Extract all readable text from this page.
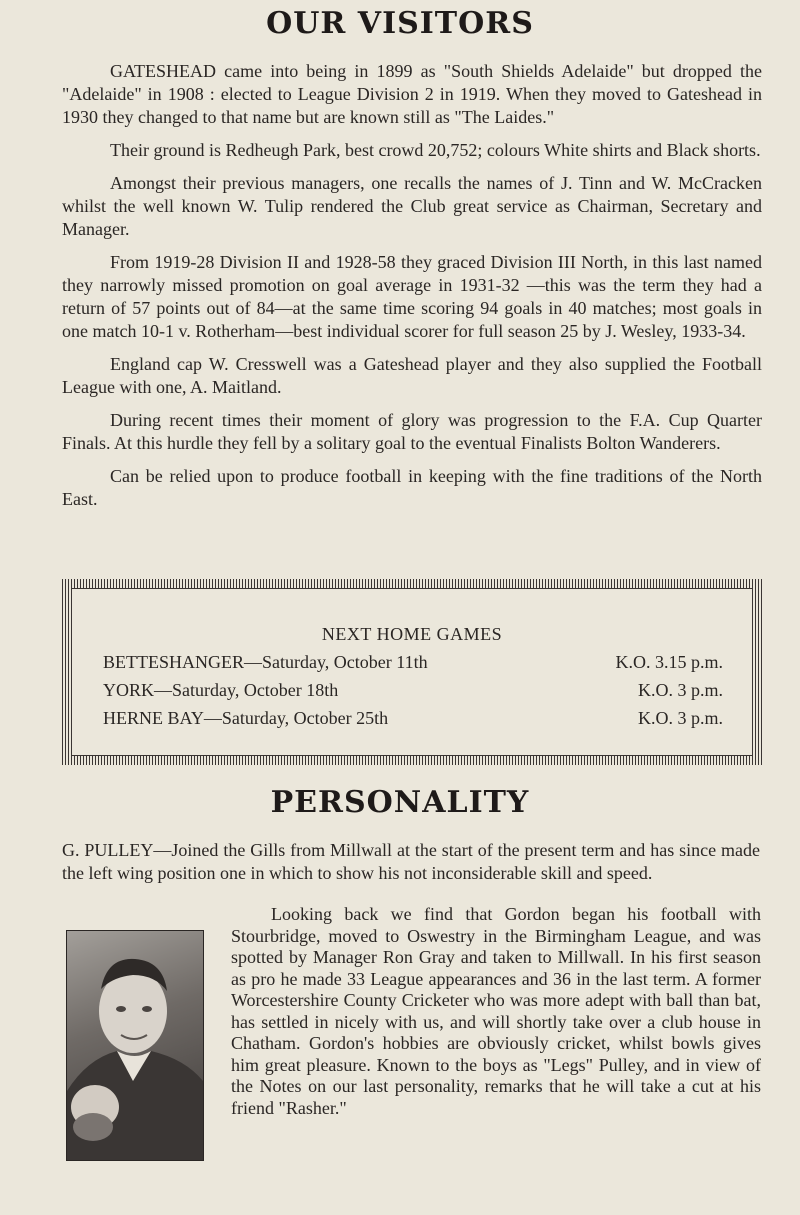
OUR VISITORS

GATESHEAD came into being in 1899 as "South Shields Adelaide" but dropped the "Adelaide" in 1908 : elected to League Division 2 in 1919. When they moved to Gateshead in 1930 they changed to that name but are known still as "The Laides."

Their ground is Redheugh Park, best crowd 20,752; colours White shirts and Black shorts.

Amongst their previous managers, one recalls the names of J. Tinn and W. McCracken whilst the well known W. Tulip rendered the Club great service as Chairman, Secretary and Manager.

From 1919-28 Division II and 1928-58 they graced Division III North, in this last named they narrowly missed promotion on goal average in 1931-32 —this was the term they had a return of 57 points out of 84—at the same time scoring 94 goals in 40 matches; most goals in one match 10-1 v. Rotherham—best individual scorer for full season 25 by J. Wesley, 1933-34.

England cap W. Cresswell was a Gateshead player and they also supplied the Football League with one, A. Maitland.

During recent times their moment of glory was progression to the F.A. Cup Quarter Finals. At this hurdle they fell by a solitary goal to the eventual Finalists Bolton Wanderers.

Can be relied upon to produce football in keeping with the fine traditions of the North East.

NEXT HOME GAMES
BETTESHANGER—Saturday, October 11th	K.O. 3.15 p.m.
YORK—Saturday, October 18th	K.O. 3 p.m.
HERNE BAY—Saturday, October 25th	K.O. 3 p.m.
PERSONALITY

G. PULLEY—Joined the Gills from Millwall at the start of the present term and has since made the left wing position one in which to show his not inconsiderable skill and speed.

Looking back we find that Gordon began his football with Stourbridge, moved to Oswestry in the Birmingham League, and was spotted by Manager Ron Gray and taken to Millwall. In his first season as pro he made 33 League appearances and 36 in the last term. A former Worcestershire County Cricketer who was more adept with ball than bat, has settled in nicely with us, and will shortly take over a club house in Chatham. Gordon's hobbies are obviously cricket, whilst bowls gives him great pleasure. Known to the boys as "Legs" Pulley, and in view of the Notes on our last personality, remarks that he will take a cut at his friend "Rasher."
